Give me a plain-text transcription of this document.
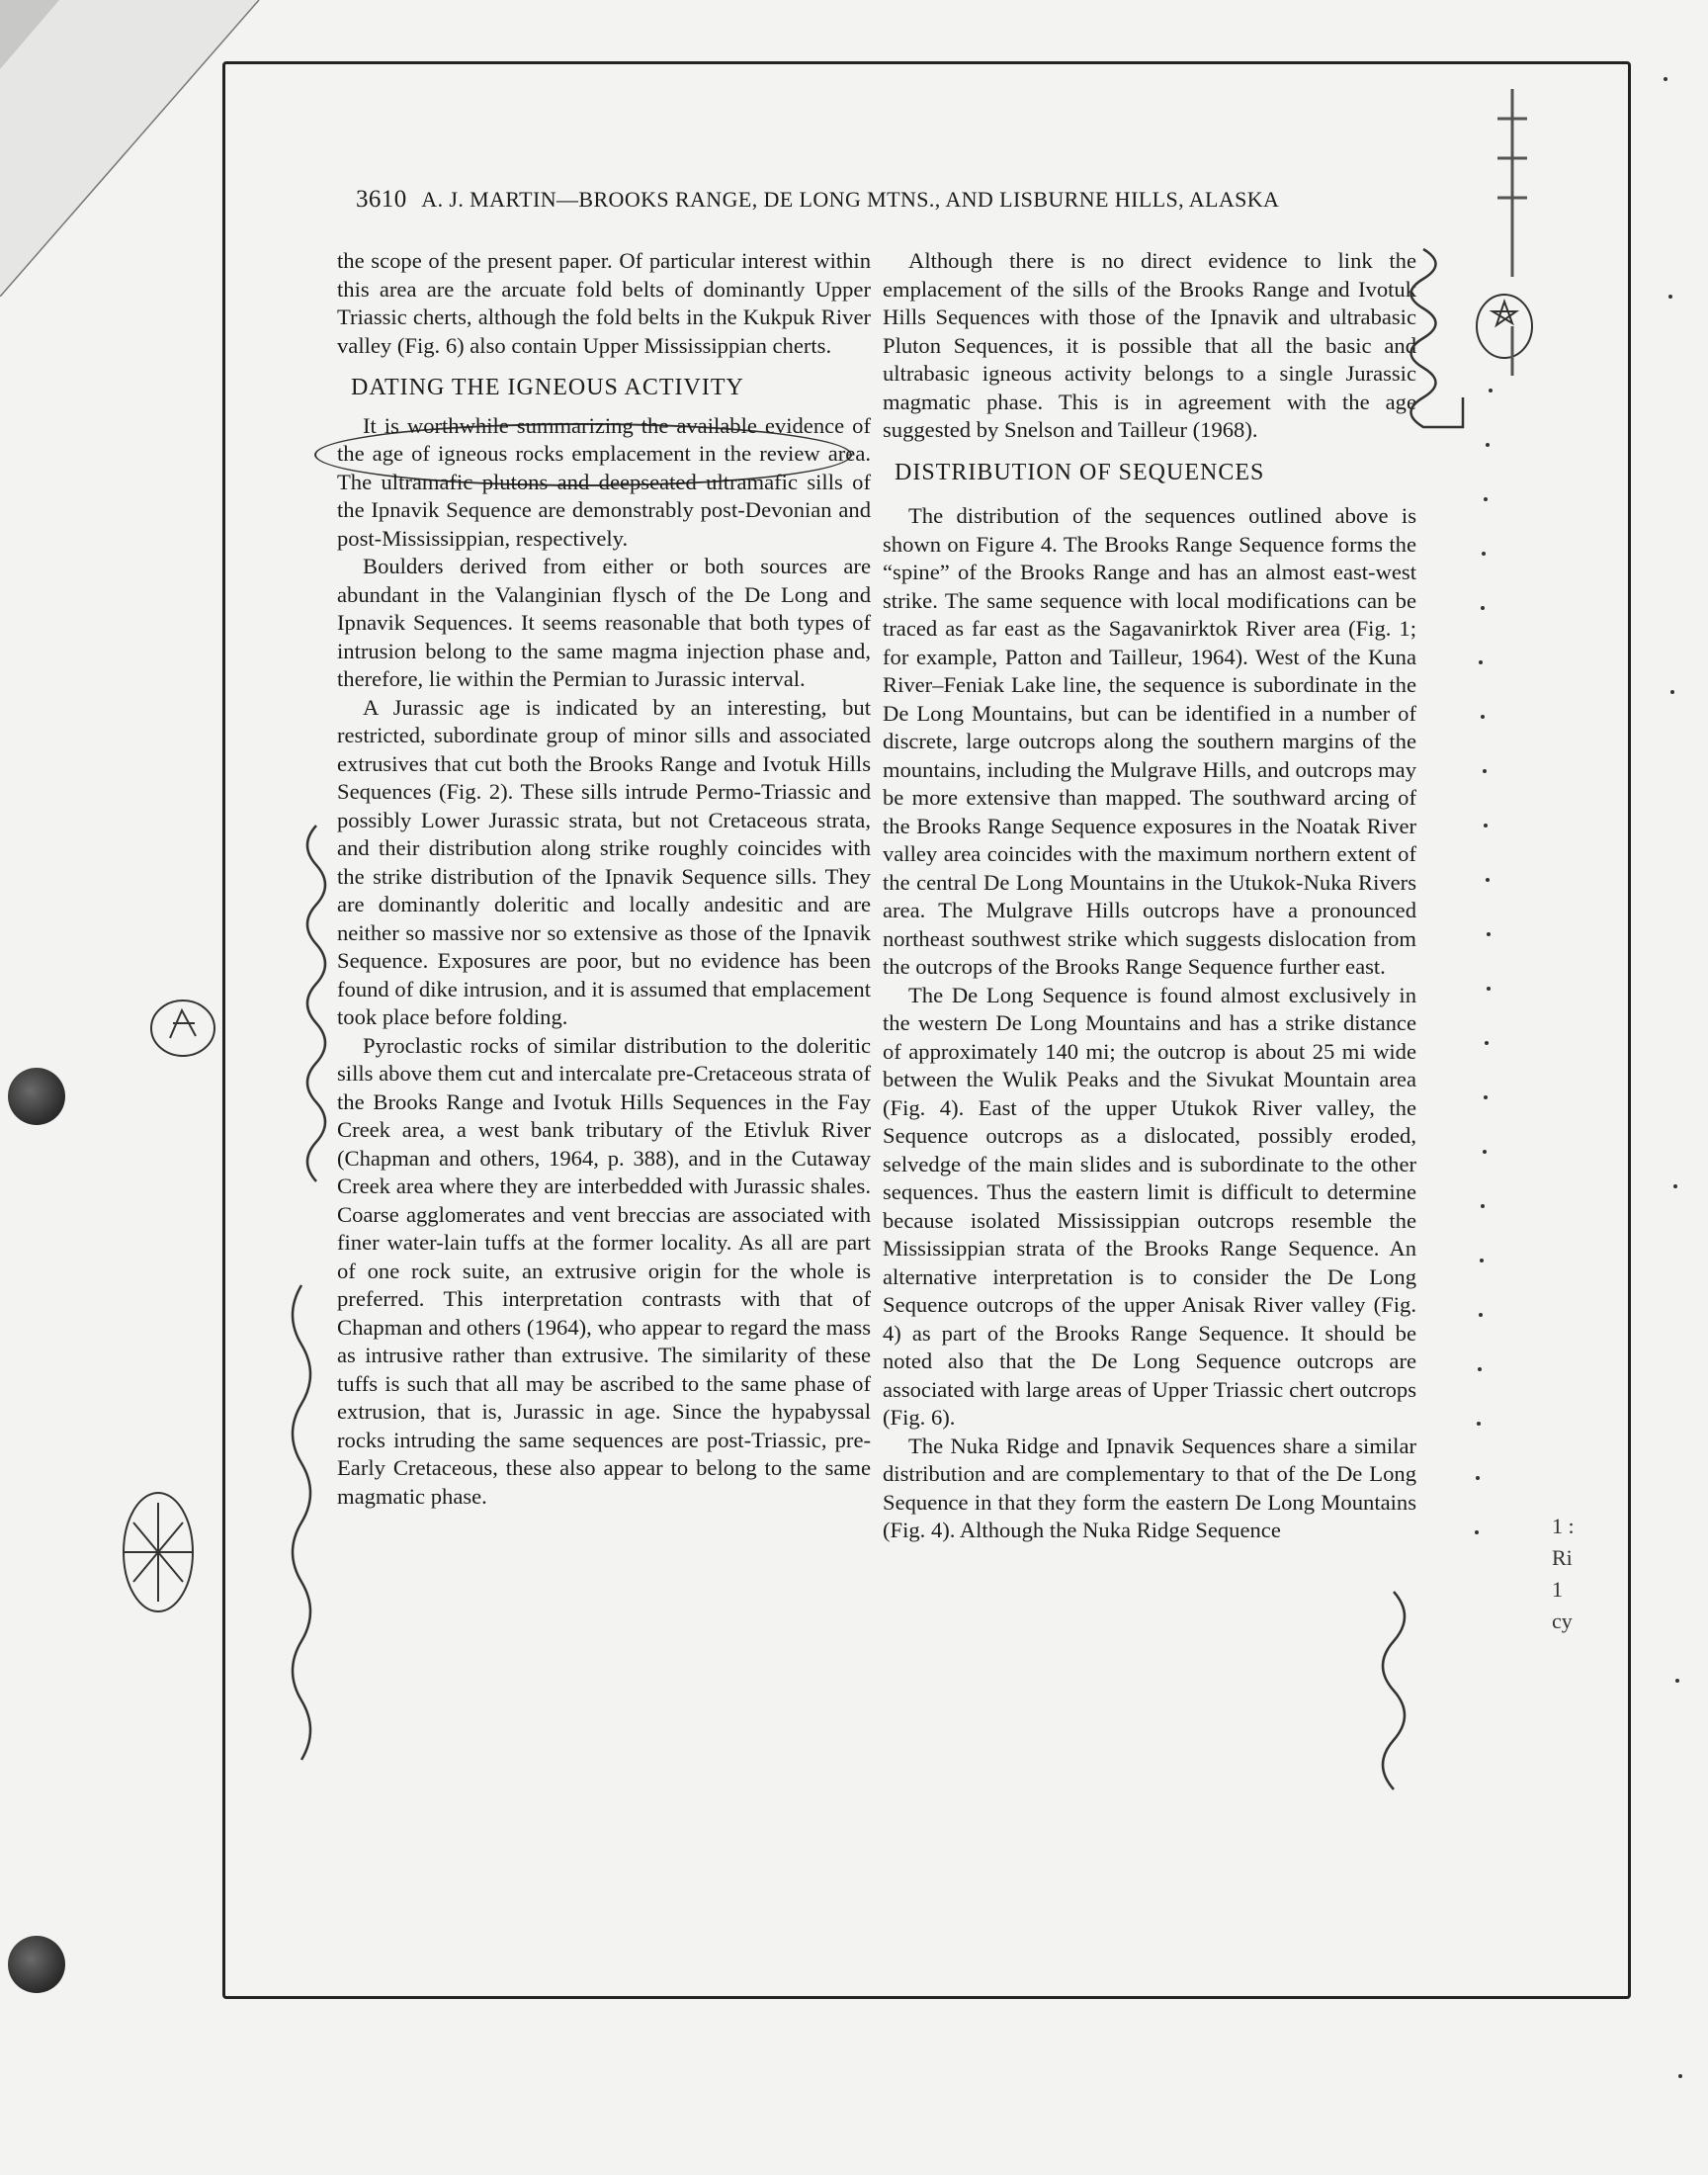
3610 A. J. MARTIN—BROOKS RANGE, DE LONG MTNS., AND LISBURNE HILLS, ALASKA

the scope of the present paper. Of particular interest within this area are the arcuate fold belts of dominantly Upper Triassic cherts, although the fold belts in the Kukpuk River valley (Fig. 6) also contain Upper Mississippian cherts.

DATING THE IGNEOUS ACTIVITY

It is worthwhile summarizing the available evidence of the age of igneous rocks emplacement in the review area. The ultramafic plutons and deepseated ultramafic sills of the Ipnavik Sequence are demonstrably post-Devonian and post-Mississippian, respectively.

Boulders derived from either or both sources are abundant in the Valanginian flysch of the De Long and Ipnavik Sequences. It seems reasonable that both types of intrusion belong to the same magma injection phase and, therefore, lie within the Permian to Jurassic interval.

A Jurassic age is indicated by an interesting, but restricted, subordinate group of minor sills and associated extrusives that cut both the Brooks Range and Ivotuk Hills Sequences (Fig. 2). These sills intrude Permo-Triassic and possibly Lower Jurassic strata, but not Cretaceous strata, and their distribution along strike roughly coincides with the strike distribution of the Ipnavik Sequence sills. They are dominantly doleritic and locally andesitic and are neither so massive nor so extensive as those of the Ipnavik Sequence. Exposures are poor, but no evidence has been found of dike intrusion, and it is assumed that emplacement took place before folding.

Pyroclastic rocks of similar distribution to the doleritic sills above them cut and intercalate pre-Cretaceous strata of the Brooks Range and Ivotuk Hills Sequences in the Fay Creek area, a west bank tributary of the Etivluk River (Chapman and others, 1964, p. 388), and in the Cutaway Creek area where they are interbedded with Jurassic shales. Coarse agglomerates and vent breccias are associated with finer water-lain tuffs at the former locality. As all are part of one rock suite, an extrusive origin for the whole is preferred. This interpretation contrasts with that of Chapman and others (1964), who appear to regard the mass as intrusive rather than extrusive. The similarity of these tuffs is such that all may be ascribed to the same phase of extrusion, that is, Jurassic in age. Since the hypabyssal rocks intruding the same sequences are post-Triassic, pre-Early Cretaceous, these also appear to belong to the same magmatic phase.

Although there is no direct evidence to link the emplacement of the sills of the Brooks Range and Ivotuk Hills Sequences with those of the Ipnavik and ultrabasic Pluton Sequences, it is possible that all the basic and ultrabasic igneous activity belongs to a single Jurassic magmatic phase. This is in agreement with the age suggested by Snelson and Tailleur (1968).

DISTRIBUTION OF SEQUENCES

The distribution of the sequences outlined above is shown on Figure 4. The Brooks Range Sequence forms the “spine” of the Brooks Range and has an almost east-west strike. The same sequence with local modifications can be traced as far east as the Sagavanirktok River area (Fig. 1; for example, Patton and Tailleur, 1964). West of the Kuna River–Feniak Lake line, the sequence is subordinate in the De Long Mountains, but can be identified in a number of discrete, large outcrops along the southern margins of the mountains, including the Mulgrave Hills, and outcrops may be more extensive than mapped. The southward arcing of the Brooks Range Sequence exposures in the Noatak River valley area coincides with the maximum northern extent of the central De Long Mountains in the Utukok-Nuka Rivers area. The Mulgrave Hills outcrops have a pronounced northeast southwest strike which suggests dislocation from the outcrops of the Brooks Range Sequence further east.

The De Long Sequence is found almost exclusively in the western De Long Mountains and has a strike distance of approximately 140 mi; the outcrop is about 25 mi wide between the Wulik Peaks and the Sivukat Mountain area (Fig. 4). East of the upper Utukok River valley, the Sequence outcrops as a dislocated, possibly eroded, selvedge of the main slides and is subordinate to the other sequences. Thus the eastern limit is difficult to determine because isolated Mississippian outcrops resemble the Mississippian strata of the Brooks Range Sequence. An alternative interpretation is to consider the De Long Sequence outcrops of the upper Anisak River valley (Fig. 4) as part of the Brooks Range Sequence. It should be noted also that the De Long Sequence outcrops are associated with large areas of Upper Triassic chert outcrops (Fig. 6).

The Nuka Ridge and Ipnavik Sequences share a similar distribution and are complementary to that of the De Long Sequence in that they form the eastern De Long Mountains (Fig. 4). Although the Nuka Ridge Sequence	1 :
Ri
1
cy
